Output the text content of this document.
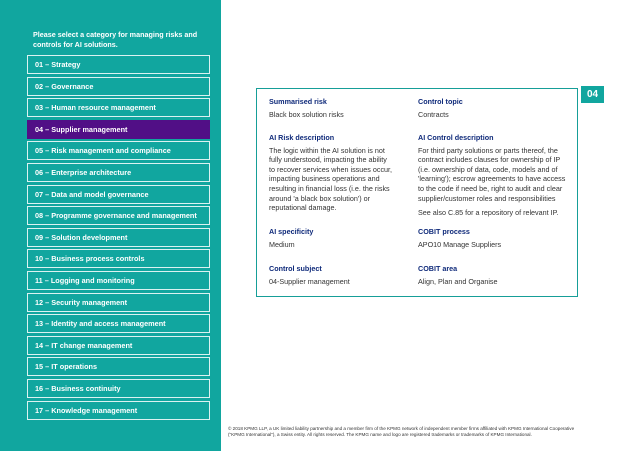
Please select a category for managing risks and controls for AI solutions.
01 – Strategy
02 – Governance
03 – Human resource management
04 – Supplier management
05 – Risk management and compliance
06 – Enterprise architecture
07 – Data and model governance
08 – Programme governance and management
09 – Solution development
10 – Business process controls
11 – Logging and monitoring
12 – Security management
13 – Identity and access management
14 – IT change management
15 – IT operations
16 – Business continuity
17 – Knowledge management
04
Summarised risk

Black box solution risks

Control topic

Contracts

AI Risk description

The logic within the AI solution is not fully understood, impacting the ability to recover services when issues occur, impacting business operations and resulting in financial loss (i.e. the risks around 'a black box solution') or reputational damage.

AI Control description

For third party solutions or parts thereof, the contract includes clauses for ownership of IP (i.e. ownership of data, code, models and of 'learning'); escrow agreements to have access to the code if need be, right to audit and clear supplier/customer roles and responsibilities

See also C.85 for a repository of relevant IP.

AI specificity

Medium

COBIT process

APO10 Manage Suppliers

Control subject

04-Supplier management

COBIT area

Align, Plan and Organise

© 2018 KPMG LLP, a UK limited liability partnership and a member firm of the KPMG network of independent member firms affiliated with KPMG International Cooperative ("KPMG International"), a Swiss entity. All rights reserved. The KPMG name and logo are registered trademarks or trademarks of KPMG International.
